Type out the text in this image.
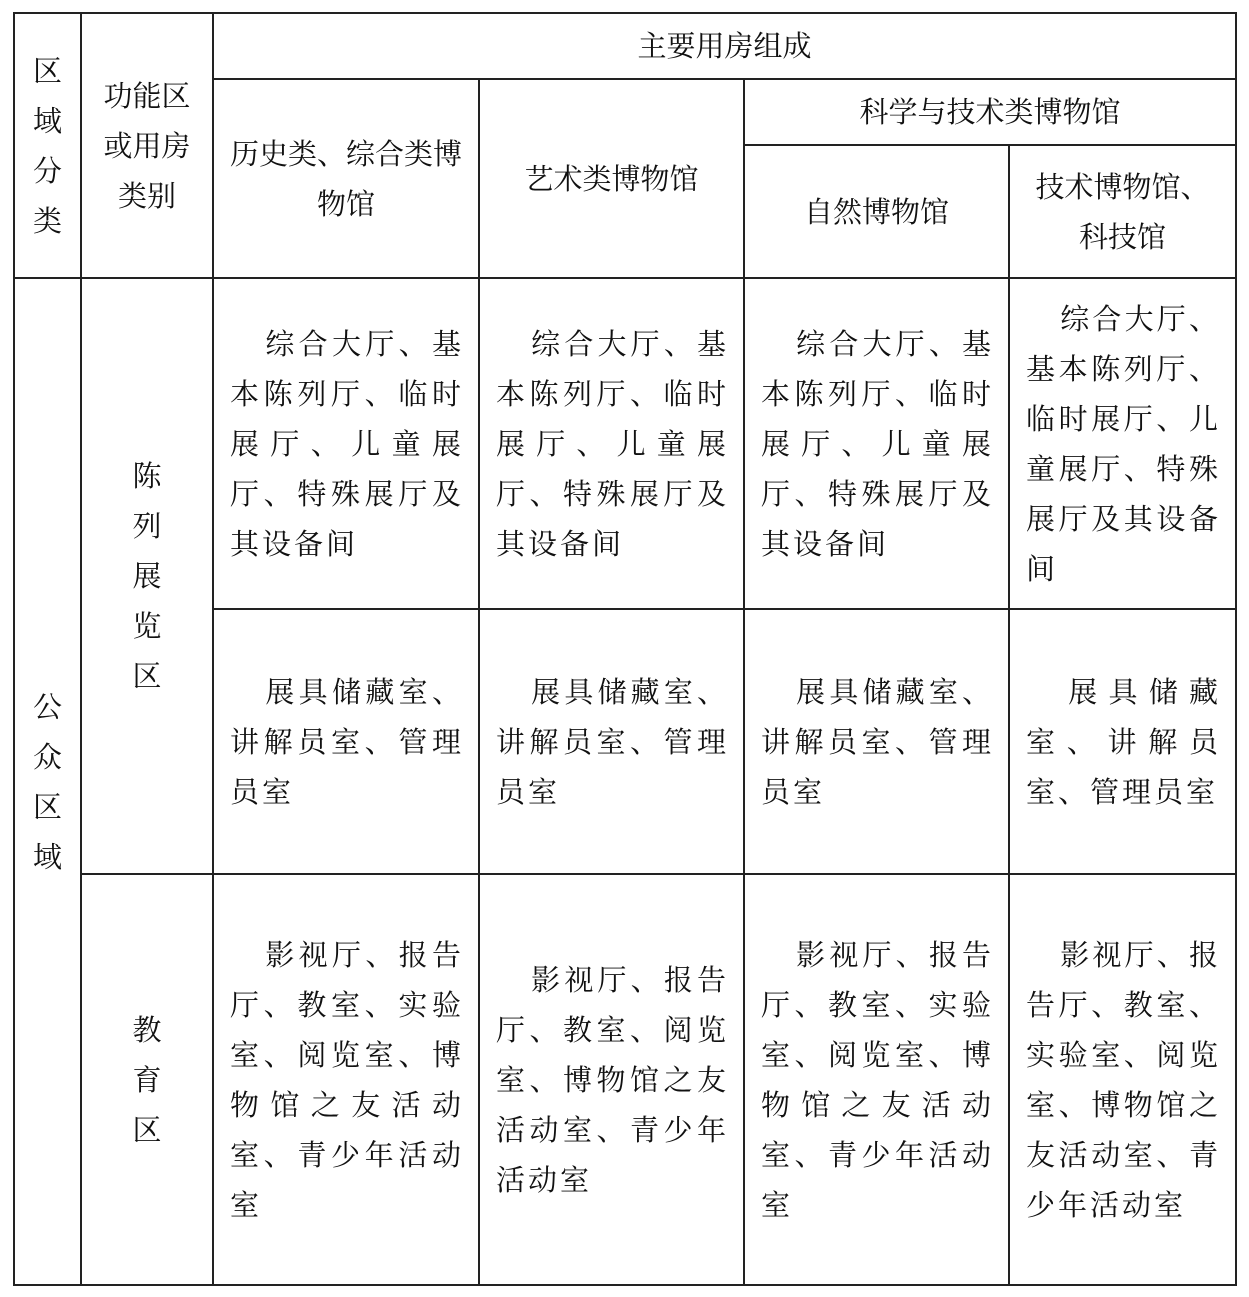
区域分类	功能区或用房类别	主要用房组成			
		历史类、综合类博物馆	艺术类博物馆	科学与技术类博物馆	
				自然博物馆	技术博物馆、科技馆

公众区域	陈列展览区	综合大厅、基本陈列厅、临时展厅、儿童展厅、特殊展厅及其设备间	综合大厅、基本陈列厅、临时展厅、儿童展厅、特殊展厅及其设备间	综合大厅、基本陈列厅、临时展厅、儿童展厅、特殊展厅及其设备间	综合大厅、基本陈列厅、临时展厅、儿童展厅、特殊展厅及其设备间
		展具储藏室、讲解员室、管理员室	展具储藏室、讲解员室、管理员室	展具储藏室、讲解员室、管理员室	展具储藏室、讲解员室、管理员室

	教育区	影视厅、报告厅、教室、实验室、阅览室、博物馆之友活动室、青少年活动室	影视厅、报告厅、教室、阅览室、博物馆之友活动室、青少年活动室	影视厅、报告厅、教室、实验室、阅览室、博物馆之友活动室、青少年活动室	影视厅、报告厅、教室、实验室、阅览室、博物馆之友活动室、青少年活动室
